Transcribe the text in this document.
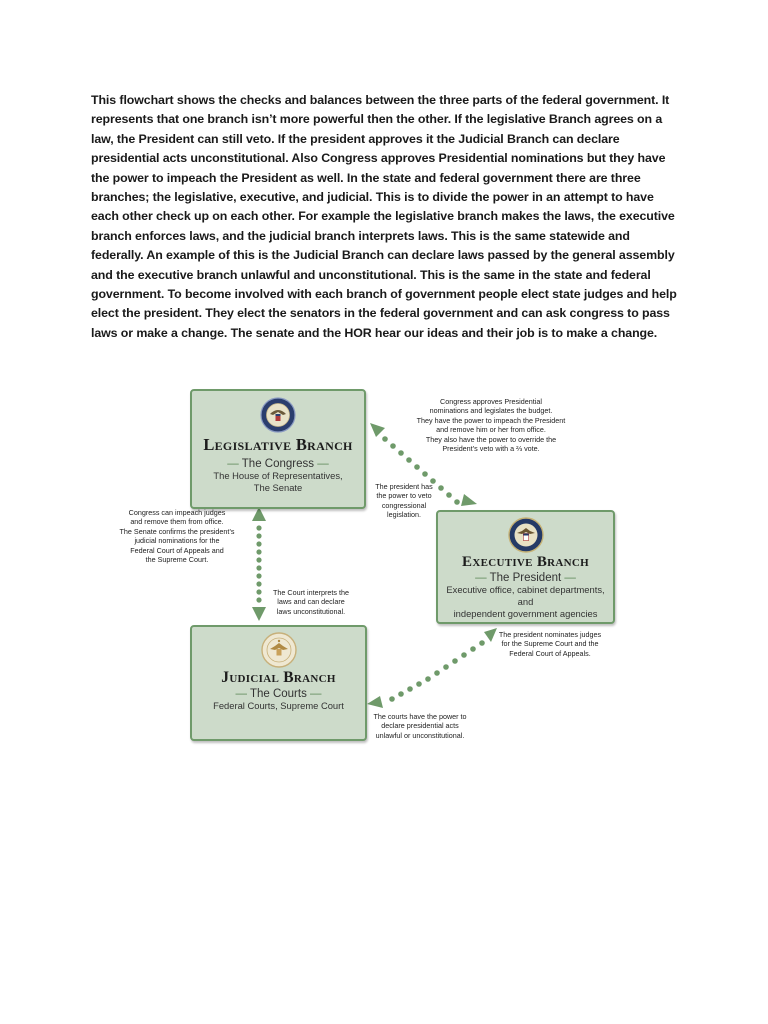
This flowchart shows the checks and balances between the three parts of the federal government. It represents that one branch isn’t more powerful then the other. If the legislative Branch agrees on a law, the President can still veto. If the president approves it the Judicial Branch can declare presidential acts unconstitutional. Also Congress approves Presidential nominations but they have the power to impeach the President as well. In the state and federal government there are three branches; the legislative, executive, and judicial. This is to divide the power in an attempt to have each other check up on each other. For example the legislative branch makes the laws, the executive branch enforces laws, and the judicial branch interprets laws. This is the same statewide and federally. An example of this is the Judicial Branch can declare laws passed by the general assembly and the executive branch unlawful and unconstitutional. This is the same in the state and federal government. To become involved with each branch of government people elect state judges and help elect the president. They elect the senators in the federal government and can ask congress to pass laws or make a change. The senate and the HOR hear our ideas and their job is to make a change.
Legislative Branch
— The Congress —
The House of Representatives,
The Senate
Executive Branch
— The President —
Executive office, cabinet departments, and
independent government agencies
Judicial Branch
— The Courts —
Federal Courts, Supreme Court
Congress approves Presidential
nominations and legislates the budget.
They have the power to impeach the President
and remove him or her from office.
They also have the power to override the
President’s veto with a ⅔ vote.
The president has
the power to veto
congressional
legislation.
Congress can impeach judges
and remove them from office.
The Senate confirms the president’s
judicial nominations for the
Federal Court of Appeals and
the Supreme Court.
The Court interprets the
laws and can declare
laws unconstitutional.
The president nominates judges
for the Supreme Court and the
Federal Court of Appeals.
The courts have the power to
declare presidential acts
unlawful or unconstitutional.
